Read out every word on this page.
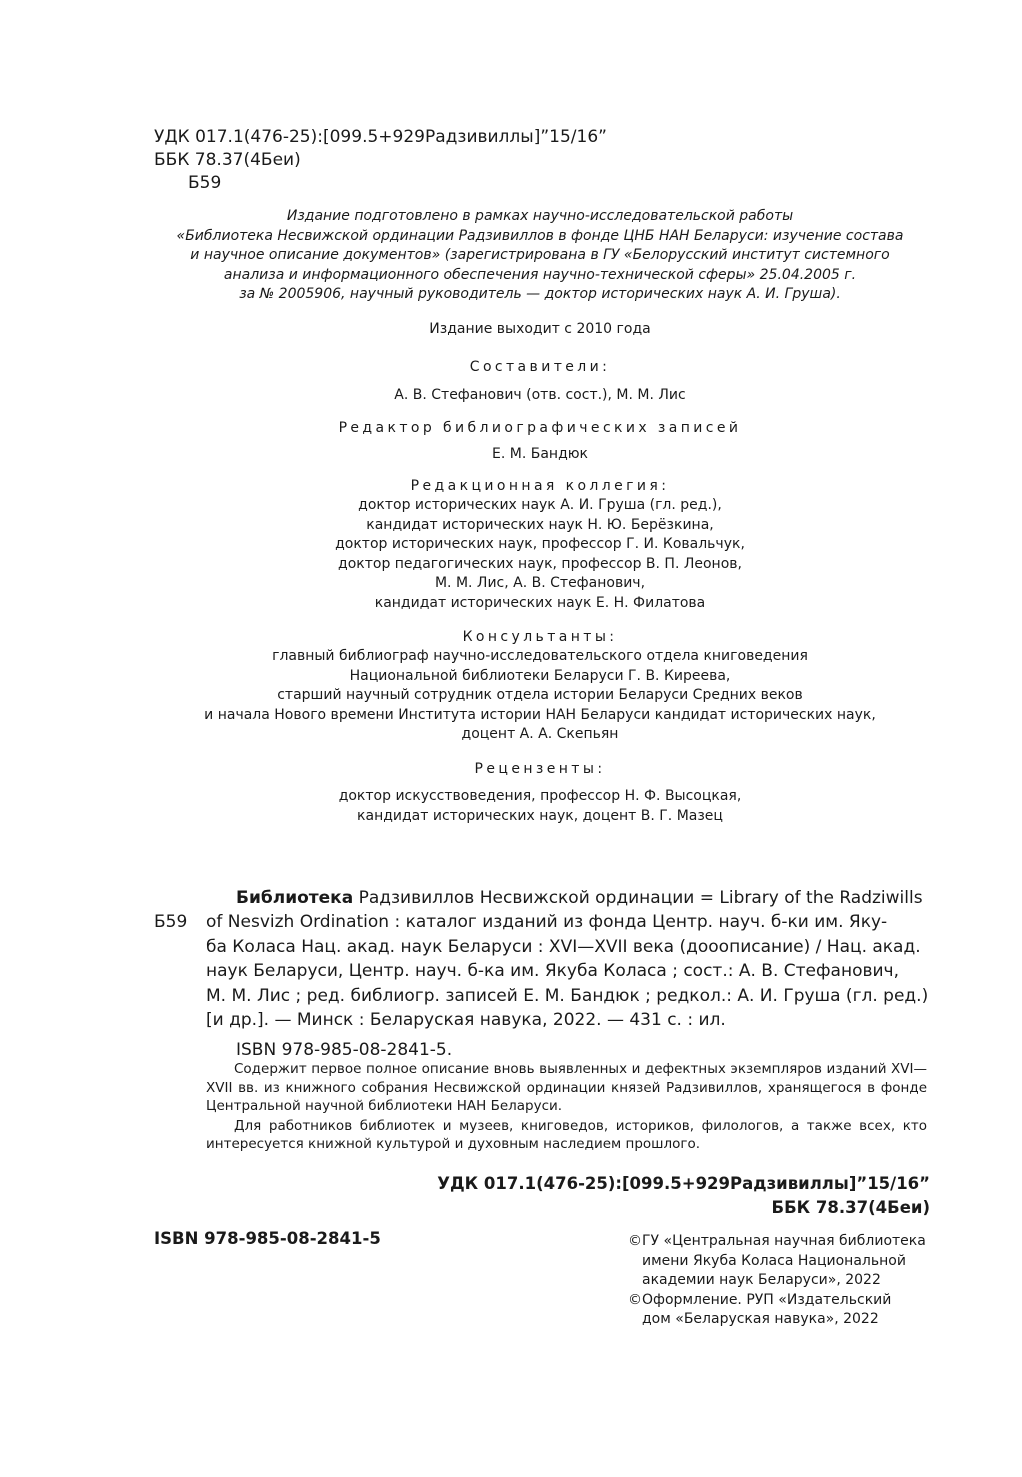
УДК 017.1(476-25):[099.5+929Радзивиллы]”15/16”
ББК 78.37(4Беи)
Б59
Издание подготовлено в рамках научно-исследовательской работы
«Библиотека Несвижской ординации Радзивиллов в фонде ЦНБ НАН Беларуси: изучение состава
и научное описание документов» (зарегистрирована в ГУ «Белорусский институт системного
анализа и информационного обеспечения научно-технической сферы» 25.04.2005 г.
за № 2005906, научный руководитель — доктор исторических наук А. И. Груша).
Издание выходит с 2010 года
Составители:
А. В. Стефанович (отв. сост.), М. М. Лис
Редактор библиографических записей
Е. М. Бандюк
Редакционная коллегия:
доктор исторических наук А. И. Груша (гл. ред.),
кандидат исторических наук Н. Ю. Берёзкина,
доктор исторических наук, профессор Г. И. Ковальчук,
доктор педагогических наук, профессор В. П. Леонов,
М. М. Лис, А. В. Стефанович,
кандидат исторических наук Е. Н. Филатова
Консультанты:
главный библиограф научно-исследовательского отдела книговедения
Национальной библиотеки Беларуси Г. В. Киреева,
старший научный сотрудник отдела истории Беларуси Средних веков
и начала Нового времени Института истории НАН Беларуси кандидат исторических наук,
доцент А. А. Скепьян
Рецензенты:
доктор искусствоведения, профессор Н. Ф. Высоцкая,
кандидат исторических наук, доцент В. Г. Мазец
Библиотека Радзивиллов Несвижской ординации = Library of the Radziwills
Б59 of Nesvizh Ordination : каталог изданий из фонда Центр. науч. б-ки им. Яку-
ба Коласа Нац. акад. наук Беларуси : XVI—XVII века (дооописание) / Нац. акад.
наук Беларуси, Центр. науч. б-ка им. Якуба Коласа ; сост.: А. В. Стефанович,
М. М. Лис ; ред. библиогр. записей Е. М. Бандюк ; редкол.: А. И. Груша (гл. ред.)
[и др.]. — Минск : Беларуская навука, 2022. — 431 с. : ил.
ISBN 978-985-08-2841-5.

Содержит первое полное описание вновь выявленных и дефектных экземпляров изданий XVI—XVII вв. из книжного собрания Несвижской ординации князей Радзивиллов, хранящегося в фонде Центральной научной библиотеки НАН Беларуси.

Для работников библиотек и музеев, книговедов, историков, филологов, а также всех, кто интересуется книжной культурой и духовным наследием прошлого.

УДК 017.1(476-25):[099.5+929Радзивиллы]”15/16”
ББК 78.37(4Беи)
ISBN 978-985-08-2841-5	©ГУ «Центральная научная библиотека
имени Якуба Коласа Национальной
академии наук Беларуси», 2022
©Оформление. РУП «Издательский
дом «Беларуская навука», 2022
